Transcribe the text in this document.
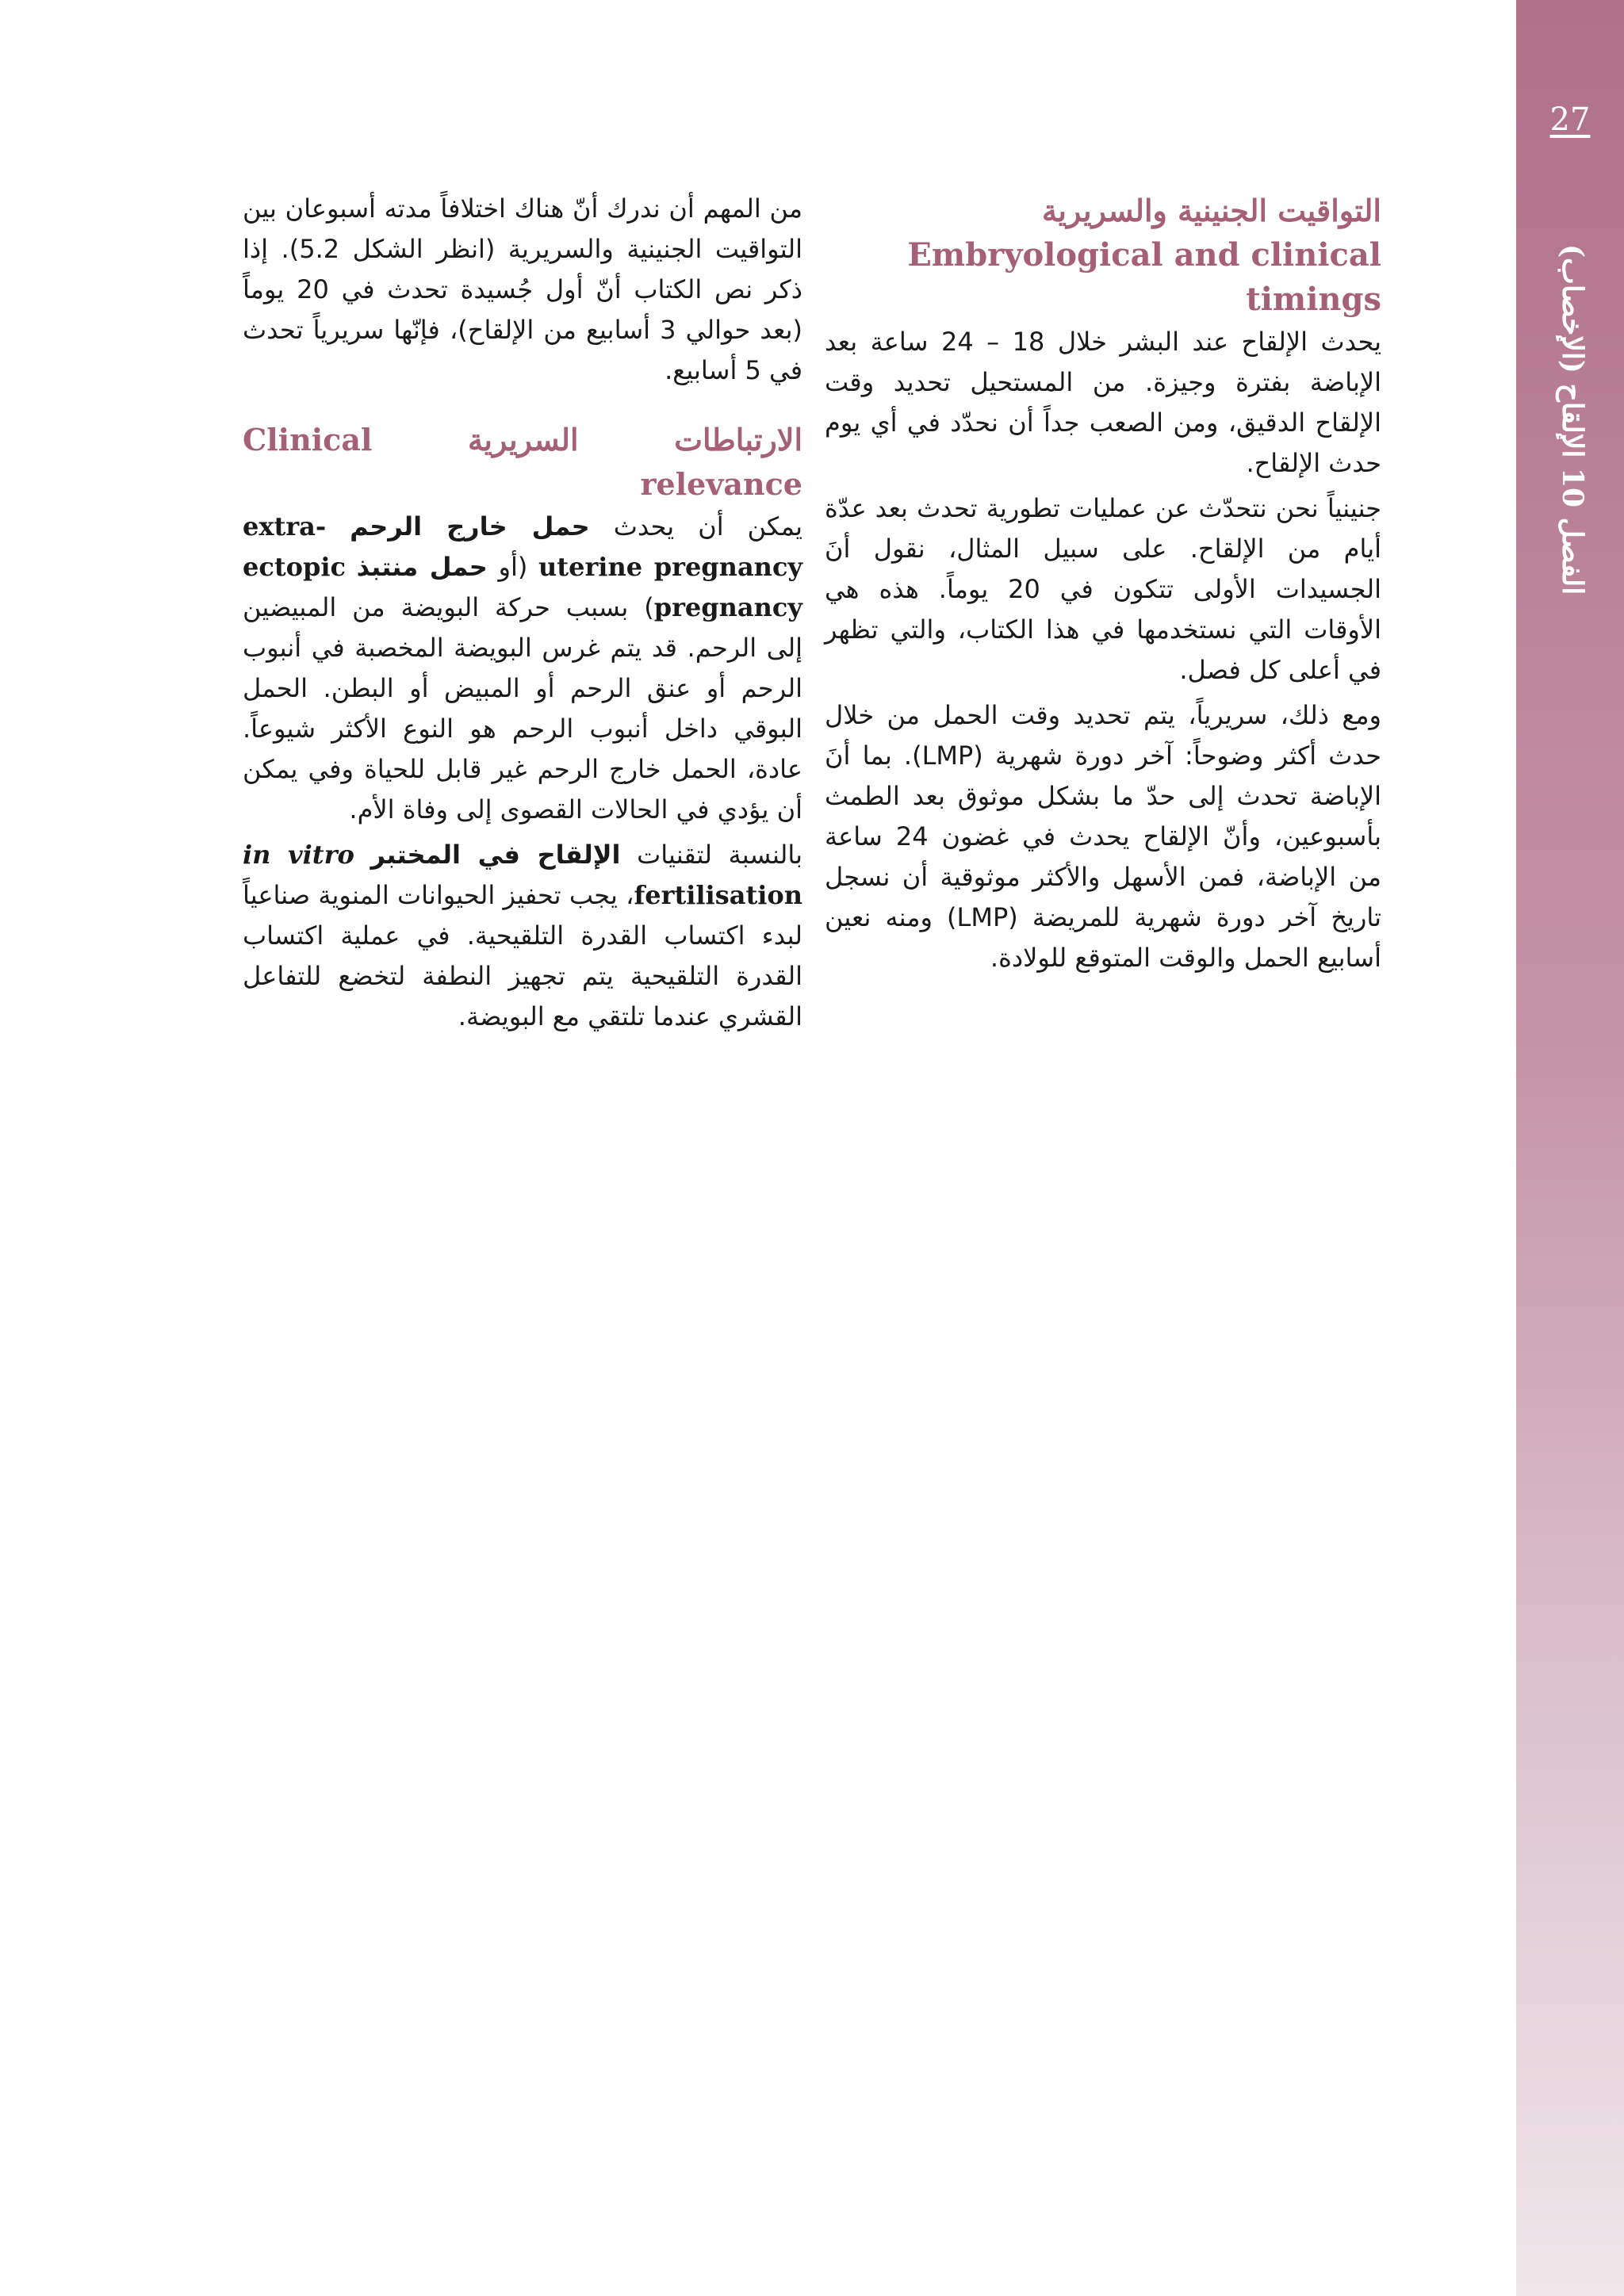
27
الفصل 10 الإلقاح (الإخصاب)
التواقيت الجنينية والسريرية
Embryological and clinical timings

يحدث الإلقاح عند البشر خلال 18 – 24 ساعة بعد الإباضة بفترة وجيزة. من المستحيل تحديد وقت الإلقاح الدقيق، ومن الصعب جداً أن نحدّد في أي يوم حدث الإلقاح.

جنينياً نحن نتحدّث عن عمليات تطورية تحدث بعد عدّة أيام من الإلقاح. على سبيل المثال، نقول أنَ الجسيدات الأولى تتكون في 20 يوماً. هذه هي الأوقات التي نستخدمها في هذا الكتاب، والتي تظهر في أعلى كل فصل.

ومع ذلك، سريرياً، يتم تحديد وقت الحمل من خلال حدث أكثر وضوحاً: آخر دورة شهرية (LMP). بما أنَ الإباضة تحدث إلى حدّ ما بشكل موثوق بعد الطمث بأسبوعين، وأنّ الإلقاح يحدث في غضون 24 ساعة من الإباضة، فمن الأسهل والأكثر موثوقية أن نسجل تاريخ آخر دورة شهرية للمريضة (LMP) ومنه نعين أسابيع الحمل والوقت المتوقع للولادة.

من المهم أن ندرك أنّ هناك اختلافاً مدته أسبوعان بين التواقيت الجنينية والسريرية (انظر الشكل 5.2). إذا ذكر نص الكتاب أنّ أول جُسيدة تحدث في 20 يوماً (بعد حوالي 3 أسابيع من الإلقاح)، فإنّها سريرياً تحدث في 5 أسابيع.

الارتباطات السريرية Clinical relevance

يمكن أن يحدث حمل خارج الرحم extra-uterine pregnancy (أو حمل منتبذ ectopic pregnancy) بسبب حركة البويضة من المبيضين إلى الرحم. قد يتم غرس البويضة المخصبة في أنبوب الرحم أو عنق الرحم أو المبيض أو البطن. الحمل البوقي داخل أنبوب الرحم هو النوع الأكثر شيوعاً. عادة، الحمل خارج الرحم غير قابل للحياة وفي يمكن أن يؤدي في الحالات القصوى إلى وفاة الأم.

بالنسبة لتقنيات الإلقاح في المختبر in vitro fertilisation، يجب تحفيز الحيوانات المنوية صناعياً لبدء اكتساب القدرة التلقيحية. في عملية اكتساب القدرة التلقيحية يتم تجهيز النطفة لتخضع للتفاعل القشري عندما تلتقي مع البويضة.
